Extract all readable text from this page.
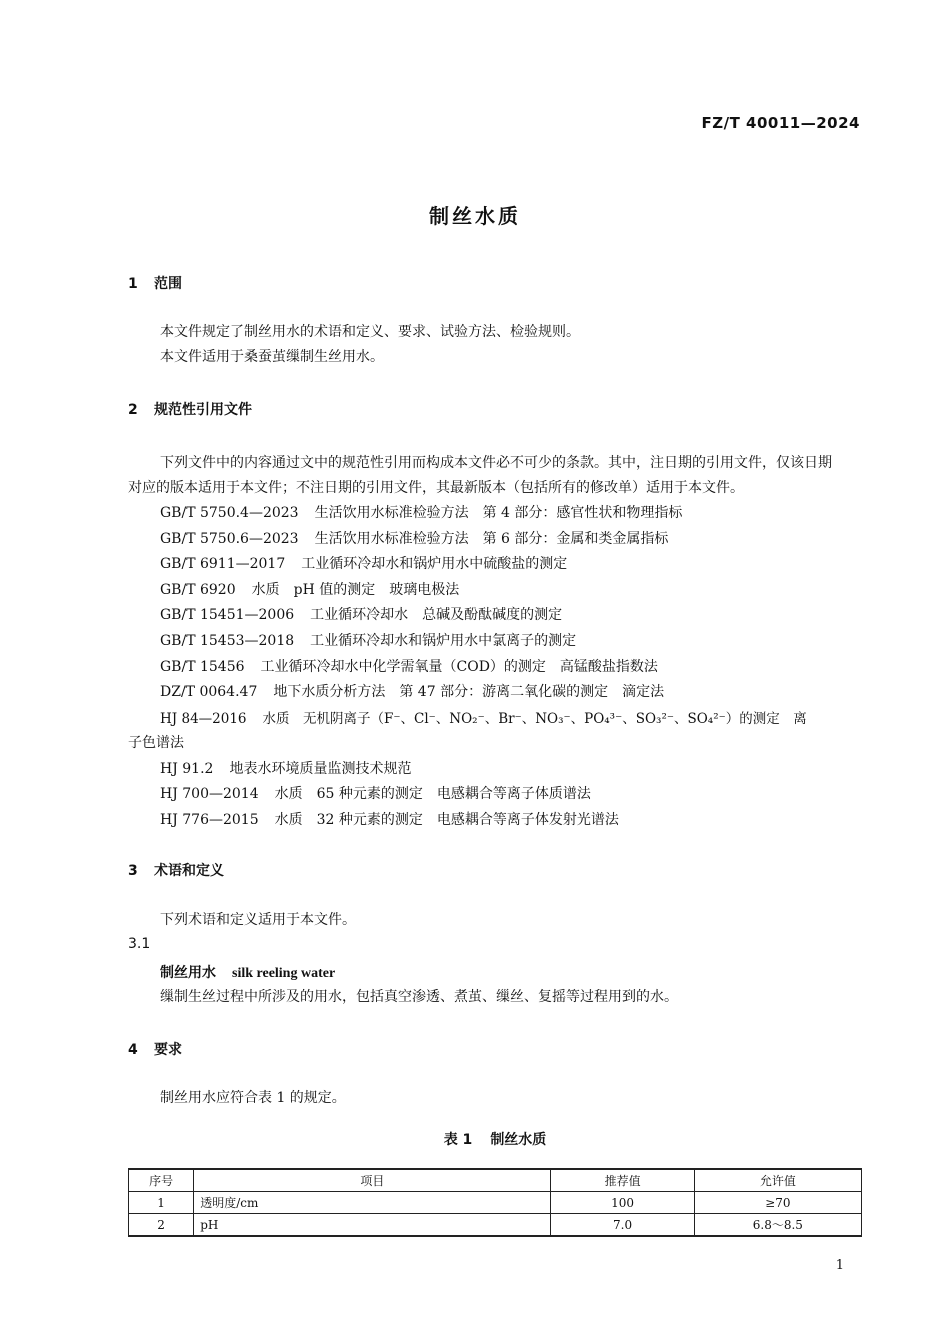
FZ/T 40011—2024
制丝水质
1 范围
本文件规定了制丝用水的术语和定义、要求、试验方法、检验规则。
本文件适用于桑蚕茧缫制生丝用水。
2 规范性引用文件
下列文件中的内容通过文中的规范性引用而构成本文件必不可少的条款。其中，注日期的引用文件，仅该日期对应的版本适用于本文件；不注日期的引用文件，其最新版本（包括所有的修改单）适用于本文件。
GB/T 5750.4—2023 生活饮用水标准检验方法　第 4 部分：感官性状和物理指标
GB/T 5750.6—2023 生活饮用水标准检验方法　第 6 部分：金属和类金属指标
GB/T 6911—2017 工业循环冷却水和锅炉用水中硫酸盐的测定
GB/T 6920 水质　pH 值的测定　玻璃电极法
GB/T 15451—2006 工业循环冷却水　总碱及酚酞碱度的测定
GB/T 15453—2018 工业循环冷却水和锅炉用水中氯离子的测定
GB/T 15456 工业循环冷却水中化学需氧量（COD）的测定　高锰酸盐指数法
DZ/T 0064.47 地下水质分析方法　第 47 部分：游离二氧化碳的测定　滴定法
HJ 84—2016 水质　无机阴离子（F⁻、Cl⁻、NO₂⁻、Br⁻、NO₃⁻、PO₄³⁻、SO₃²⁻、SO₄²⁻）的测定　离
子色谱法
HJ 91.2 地表水环境质量监测技术规范
HJ 700—2014 水质　65 种元素的测定　电感耦合等离子体质谱法
HJ 776—2015 水质　32 种元素的测定　电感耦合等离子体发射光谱法
3 术语和定义
下列术语和定义适用于本文件。
3.1
制丝用水 silk reeling water
缫制生丝过程中所涉及的用水，包括真空渗透、煮茧、缫丝、复摇等过程用到的水。
4 要求
制丝用水应符合表 1 的规定。
表 1 制丝水质
序号	项目	推荐值	允许值
1	透明度/cm	100	≥70
2	pH	7.0	6.8～8.5
1
